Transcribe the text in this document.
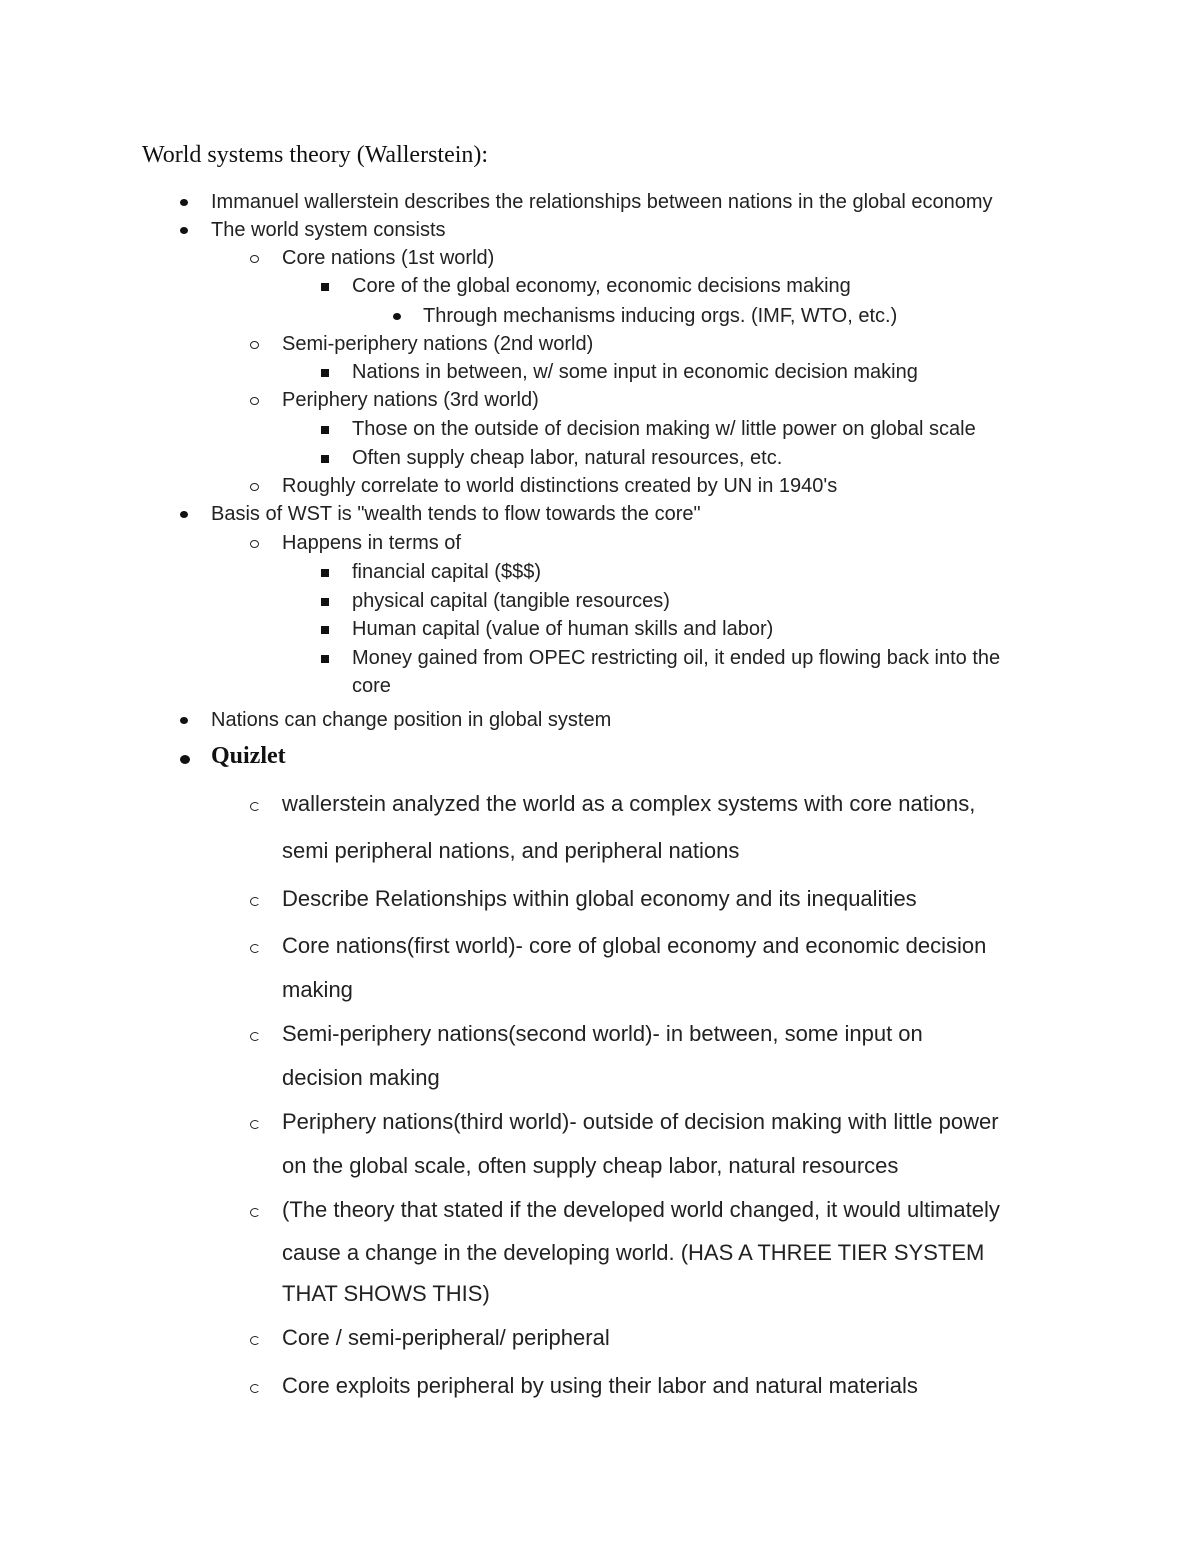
World systems theory (Wallerstein):
Immanuel wallerstein describes the relationships between nations in the global economy
The world system consists
Core nations (1st world)
Core of the global economy, economic decisions making
Through mechanisms inducing orgs. (IMF, WTO, etc.)
Semi-periphery nations (2nd world)
Nations in between, w/ some input in economic decision making
Periphery nations (3rd world)
Those on the outside of decision making w/ little power on global scale
Often supply cheap labor, natural resources, etc.
Roughly correlate to world distinctions created by UN in 1940's
Basis of WST is "wealth tends to flow towards the core"
Happens in terms of
financial capital ($$$)
physical capital (tangible resources)
Human capital (value of human skills and labor)
Money gained from OPEC restricting oil, it ended up flowing back into the
core
Nations can change position in global system
Quizlet
wallerstein analyzed the world as a complex systems with core nations,
semi peripheral nations, and peripheral nations
Describe Relationships within global economy and its inequalities
Core nations(first world)- core of global economy and economic decision
making
Semi-periphery nations(second world)- in between, some input on
decision making
Periphery nations(third world)- outside of decision making with little power
on the global scale, often supply cheap labor, natural resources
(The theory that stated if the developed world changed, it would ultimately
cause a change in the developing world. (HAS A THREE TIER SYSTEM
THAT SHOWS THIS)
Core / semi-peripheral/ peripheral
Core exploits peripheral by using their labor and natural materials
